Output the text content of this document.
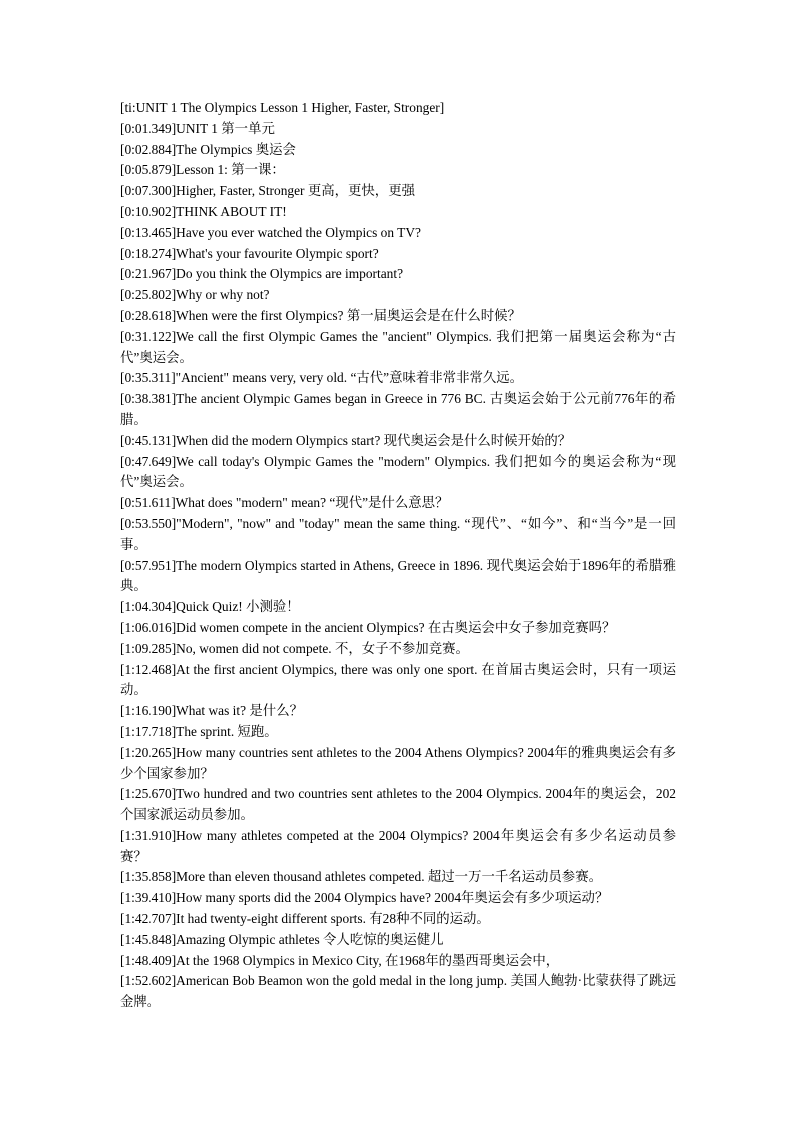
[ti:UNIT 1 The Olympics Lesson 1 Higher, Faster, Stronger]

[0:01.349]UNIT 1 第一单元

[0:02.884]The Olympics 奥运会

[0:05.879]Lesson 1: 第一课：

[0:07.300]Higher, Faster, Stronger 更高，更快，更强

[0:10.902]THINK ABOUT IT!

[0:13.465]Have you ever watched the Olympics on TV?

[0:18.274]What's your favourite Olympic sport?

[0:21.967]Do you think the Olympics are important?

[0:25.802]Why or why not?

[0:28.618]When were the first Olympics? 第一届奥运会是在什么时候？

[0:31.122]We call the first Olympic Games the "ancient" Olympics. 我们把第一届奥运会称为“古代”奥运会。

[0:35.311]"Ancient" means very, very old. “古代”意味着非常非常久远。

[0:38.381]The ancient Olympic Games began in Greece in 776 BC. 古奥运会始于公元前776年的希腊。

[0:45.131]When did the modern Olympics start? 现代奥运会是什么时候开始的？

[0:47.649]We call today's Olympic Games the "modern" Olympics. 我们把如今的奥运会称为“现代”奥运会。

[0:51.611]What does "modern" mean? “现代”是什么意思？

[0:53.550]"Modern", "now" and "today" mean the same thing. “现代”、“如今”、和“当今”是一回事。

[0:57.951]The modern Olympics started in Athens, Greece in 1896. 现代奥运会始于1896年的希腊雅典。

[1:04.304]Quick Quiz! 小测验！

[1:06.016]Did women compete in the ancient Olympics? 在古奥运会中女子参加竞赛吗？

[1:09.285]No, women did not compete. 不，女子不参加竞赛。

[1:12.468]At the first ancient Olympics, there was only one sport. 在首届古奥运会时，只有一项运动。

[1:16.190]What was it? 是什么？

[1:17.718]The sprint. 短跑。

[1:20.265]How many countries sent athletes to the 2004 Athens Olympics? 2004年的雅典奥运会有多少个国家参加？

[1:25.670]Two hundred and two countries sent athletes to the 2004 Olympics. 2004年的奥运会，202个国家派运动员参加。

[1:31.910]How many athletes competed at the 2004 Olympics? 2004年奥运会有多少名运动员参赛？

[1:35.858]More than eleven thousand athletes competed. 超过一万一千名运动员参赛。

[1:39.410]How many sports did the 2004 Olympics have? 2004年奥运会有多少项运动？

[1:42.707]It had twenty-eight different sports. 有28种不同的运动。

[1:45.848]Amazing Olympic athletes 令人吃惊的奥运健儿

[1:48.409]At the 1968 Olympics in Mexico City, 在1968年的墨西哥奥运会中，

[1:52.602]American Bob Beamon won the gold medal in the long jump. 美国人鲍勃·比蒙获得了跳远金牌。
